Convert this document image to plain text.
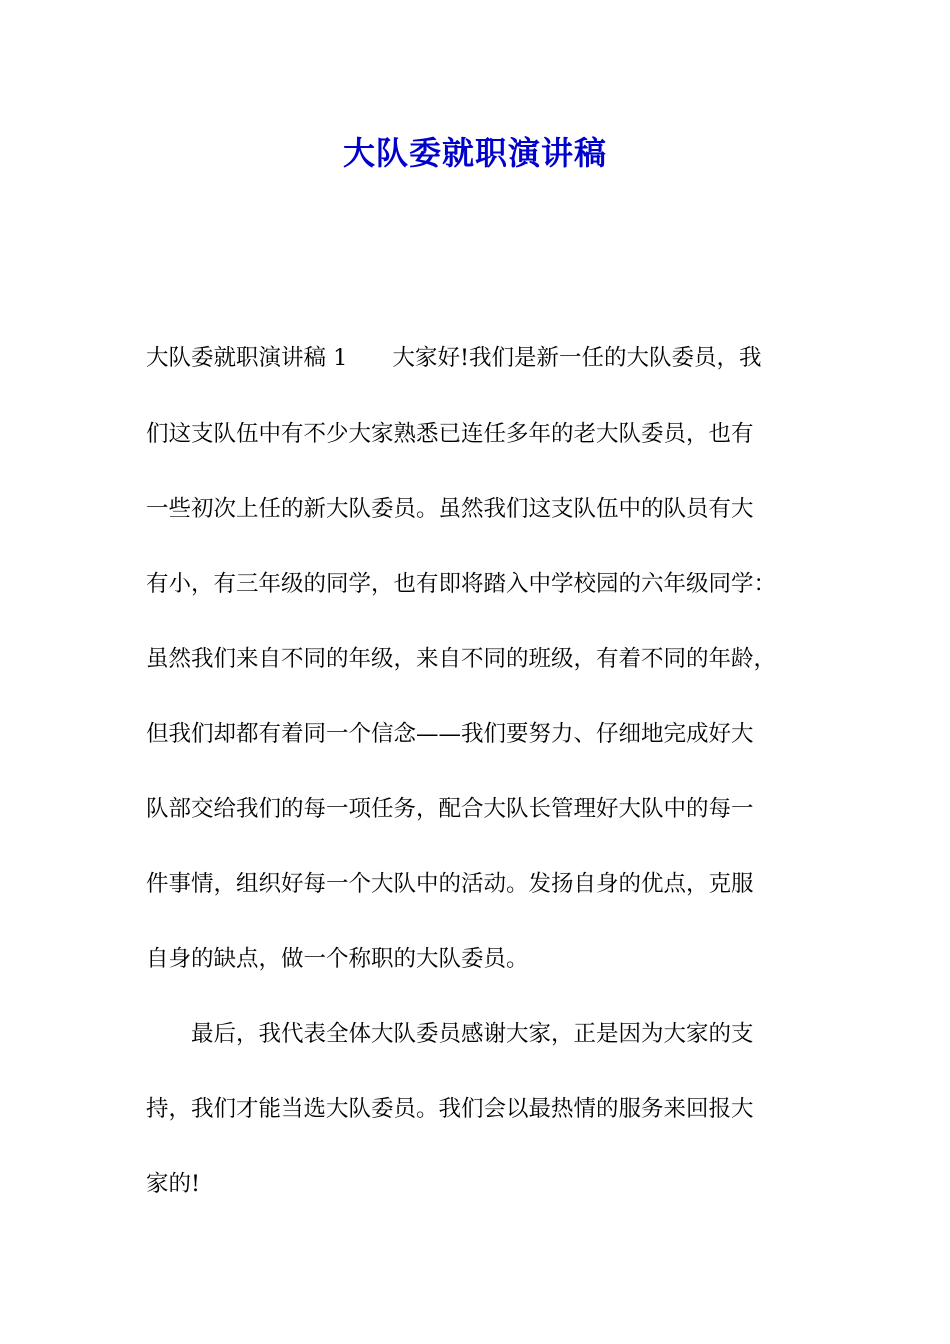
大队委就职演讲稿

大队委就职演讲稿 1　　大家好!我们是新一任的大队委员，我

们这支队伍中有不少大家熟悉已连任多年的老大队委员，也有

一些初次上任的新大队委员。虽然我们这支队伍中的队员有大

有小，有三年级的同学，也有即将踏入中学校园的六年级同学：

虽然我们来自不同的年级，来自不同的班级，有着不同的年龄，

但我们却都有着同一个信念——我们要努力、仔细地完成好大

队部交给我们的每一项任务，配合大队长管理好大队中的每一

件事情，组织好每一个大队中的活动。发扬自身的优点，克服

自身的缺点，做一个称职的大队委员。

　　最后，我代表全体大队委员感谢大家，正是因为大家的支

持，我们才能当选大队委员。我们会以最热情的服务来回报大

家的!
